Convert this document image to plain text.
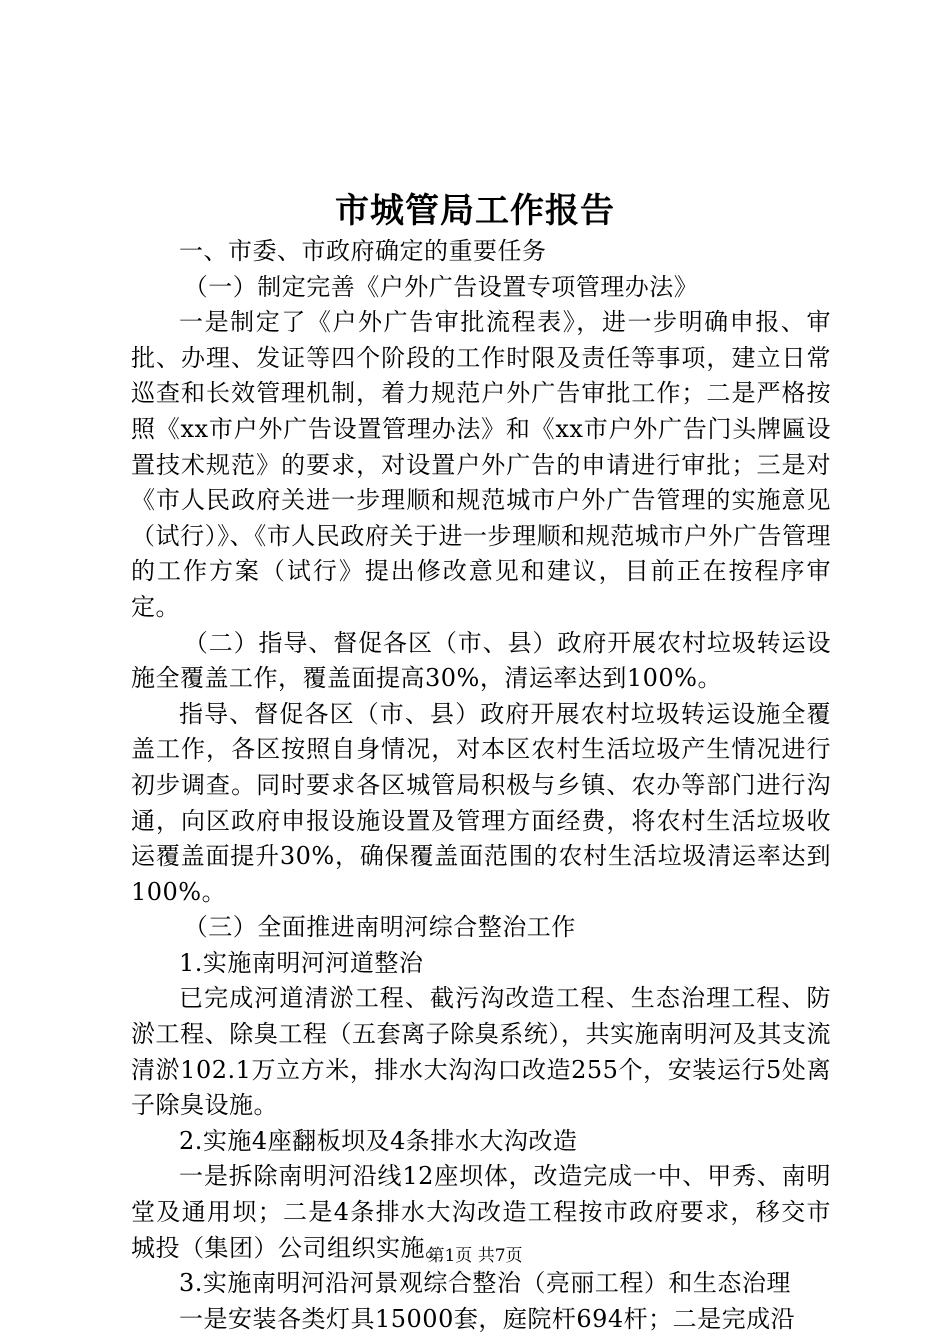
市城管局工作报告

一、市委、市政府确定的重要任务

（一）制定完善《户外广告设置专项管理办法》

一是制定了《户外广告审批流程表》，进一步明确申报、审批、办理、发证等四个阶段的工作时限及责任等事项，建立日常巡查和长效管理机制，着力规范户外广告审批工作；二是严格按照《xx市户外广告设置管理办法》和《xx市户外广告门头牌匾设置技术规范》的要求，对设置户外广告的申请进行审批；三是对《市人民政府关进一步理顺和规范城市户外广告管理的实施意见（试行）》、《市人民政府关于进一步理顺和规范城市户外广告管理的工作方案（试行》提出修改意见和建议，目前正在按程序审定。

（二）指导、督促各区（市、县）政府开展农村垃圾转运设施全覆盖工作，覆盖面提高30%，清运率达到100%。

指导、督促各区（市、县）政府开展农村垃圾转运设施全覆盖工作，各区按照自身情况，对本区农村生活垃圾产生情况进行初步调查。同时要求各区城管局积极与乡镇、农办等部门进行沟通，向区政府申报设施设置及管理方面经费，将农村生活垃圾收运覆盖面提升30%，确保覆盖面范围的农村生活垃圾清运率达到100%。

（三）全面推进南明河综合整治工作

1.实施南明河河道整治

已完成河道清淤工程、截污沟改造工程、生态治理工程、防淤工程、除臭工程（五套离子除臭系统），共实施南明河及其支流清淤102.1万立方米，排水大沟沟口改造255个，安装运行5处离子除臭设施。

2.实施4座翻板坝及4条排水大沟改造

一是拆除南明河沿线12座坝体，改造完成一中、甲秀、南明堂及通用坝；二是4条排水大沟改造工程按市政府要求，移交市城投（集团）公司组织实施。

3.实施南明河沿河景观综合整治（亮丽工程）和生态治理

一是安装各类灯具15000套，庭院杆694杆；二是完成沿

第1页 共7页
